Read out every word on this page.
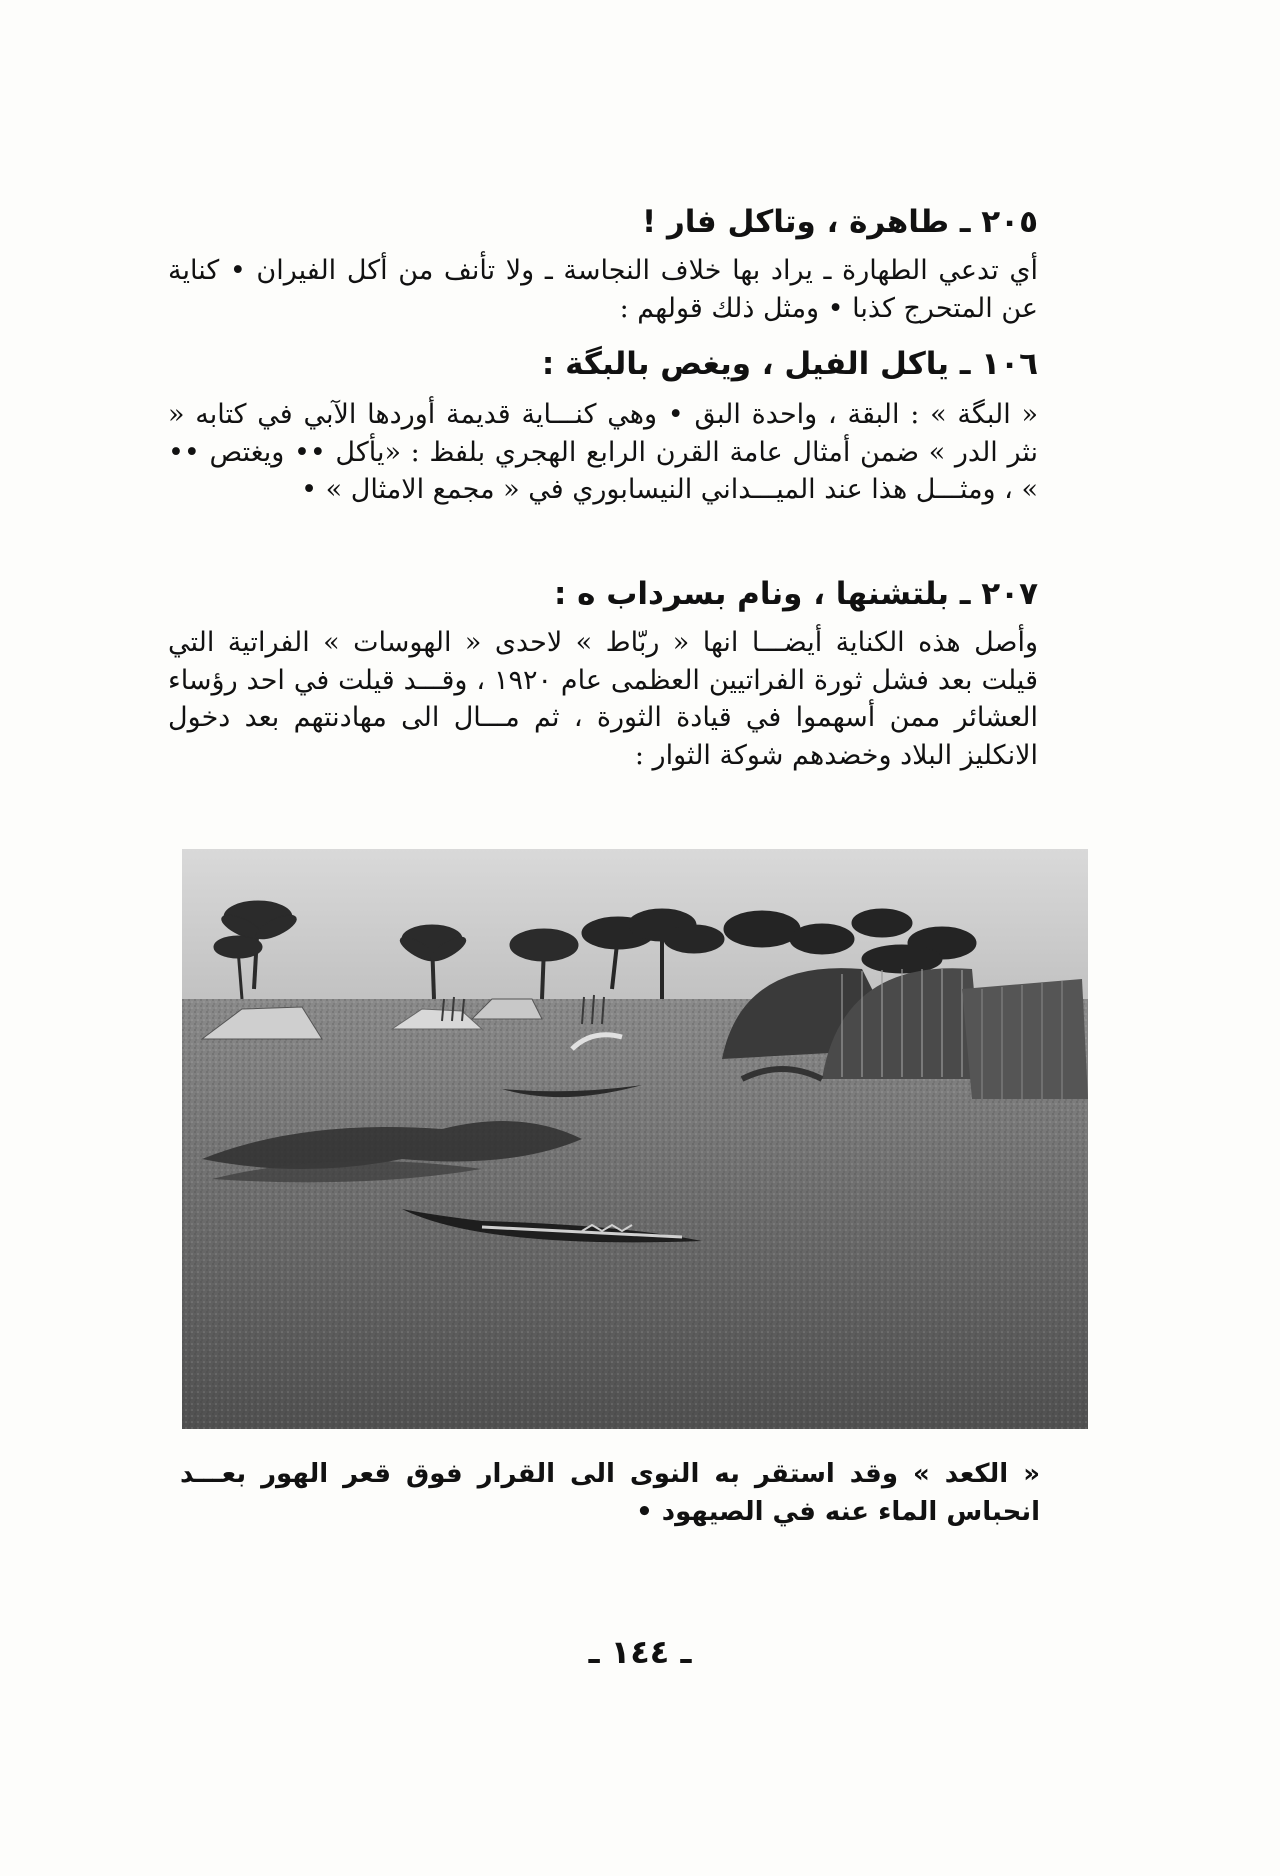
٢٠٥ ـ طاهرة ، وتاكل فار !

أي تدعي الطهارة ـ يراد بها خلاف النجاسة ـ ولا تأنف من أكل الفيران • كناية عن المتحرج كذبا • ومثل ذلك قولهم :

١٠٦ ـ ياكل الفيل ، ويغص بالبگة :

« البگة » : البقة ، واحدة البق • وهي كنـــاية قديمة أوردها الآبي في كتابه « نثر الدر » ضمن أمثال عامة القرن الرابع الهجري بلفظ : «يأكل •• ويغتص •• » ، ومثـــل هذا عند الميـــداني النيسابوري في « مجمع الامثال » •

٢٠٧ ـ بلتشنها ، ونام بسرداب ه :

وأصل هذه الكناية أيضـــا انها « ربّاط » لاحدى « الهوسات » الفراتية التي قيلت بعد فشل ثورة الفراتيين العظمى عام ١٩٢٠ ، وقـــد قيلت في احد رؤساء العشائر ممن أسهموا في قيادة الثورة ، ثم مـــال الى مهادنتهم بعد دخول الانكليز البلاد وخضدهم شوكة الثوار :

« الكعد » وقد استقر به النوى الى القرار فوق قعر الهور بعـــد انحباس الماء عنه في الصيهود •

ـ ١٤٤ ـ
